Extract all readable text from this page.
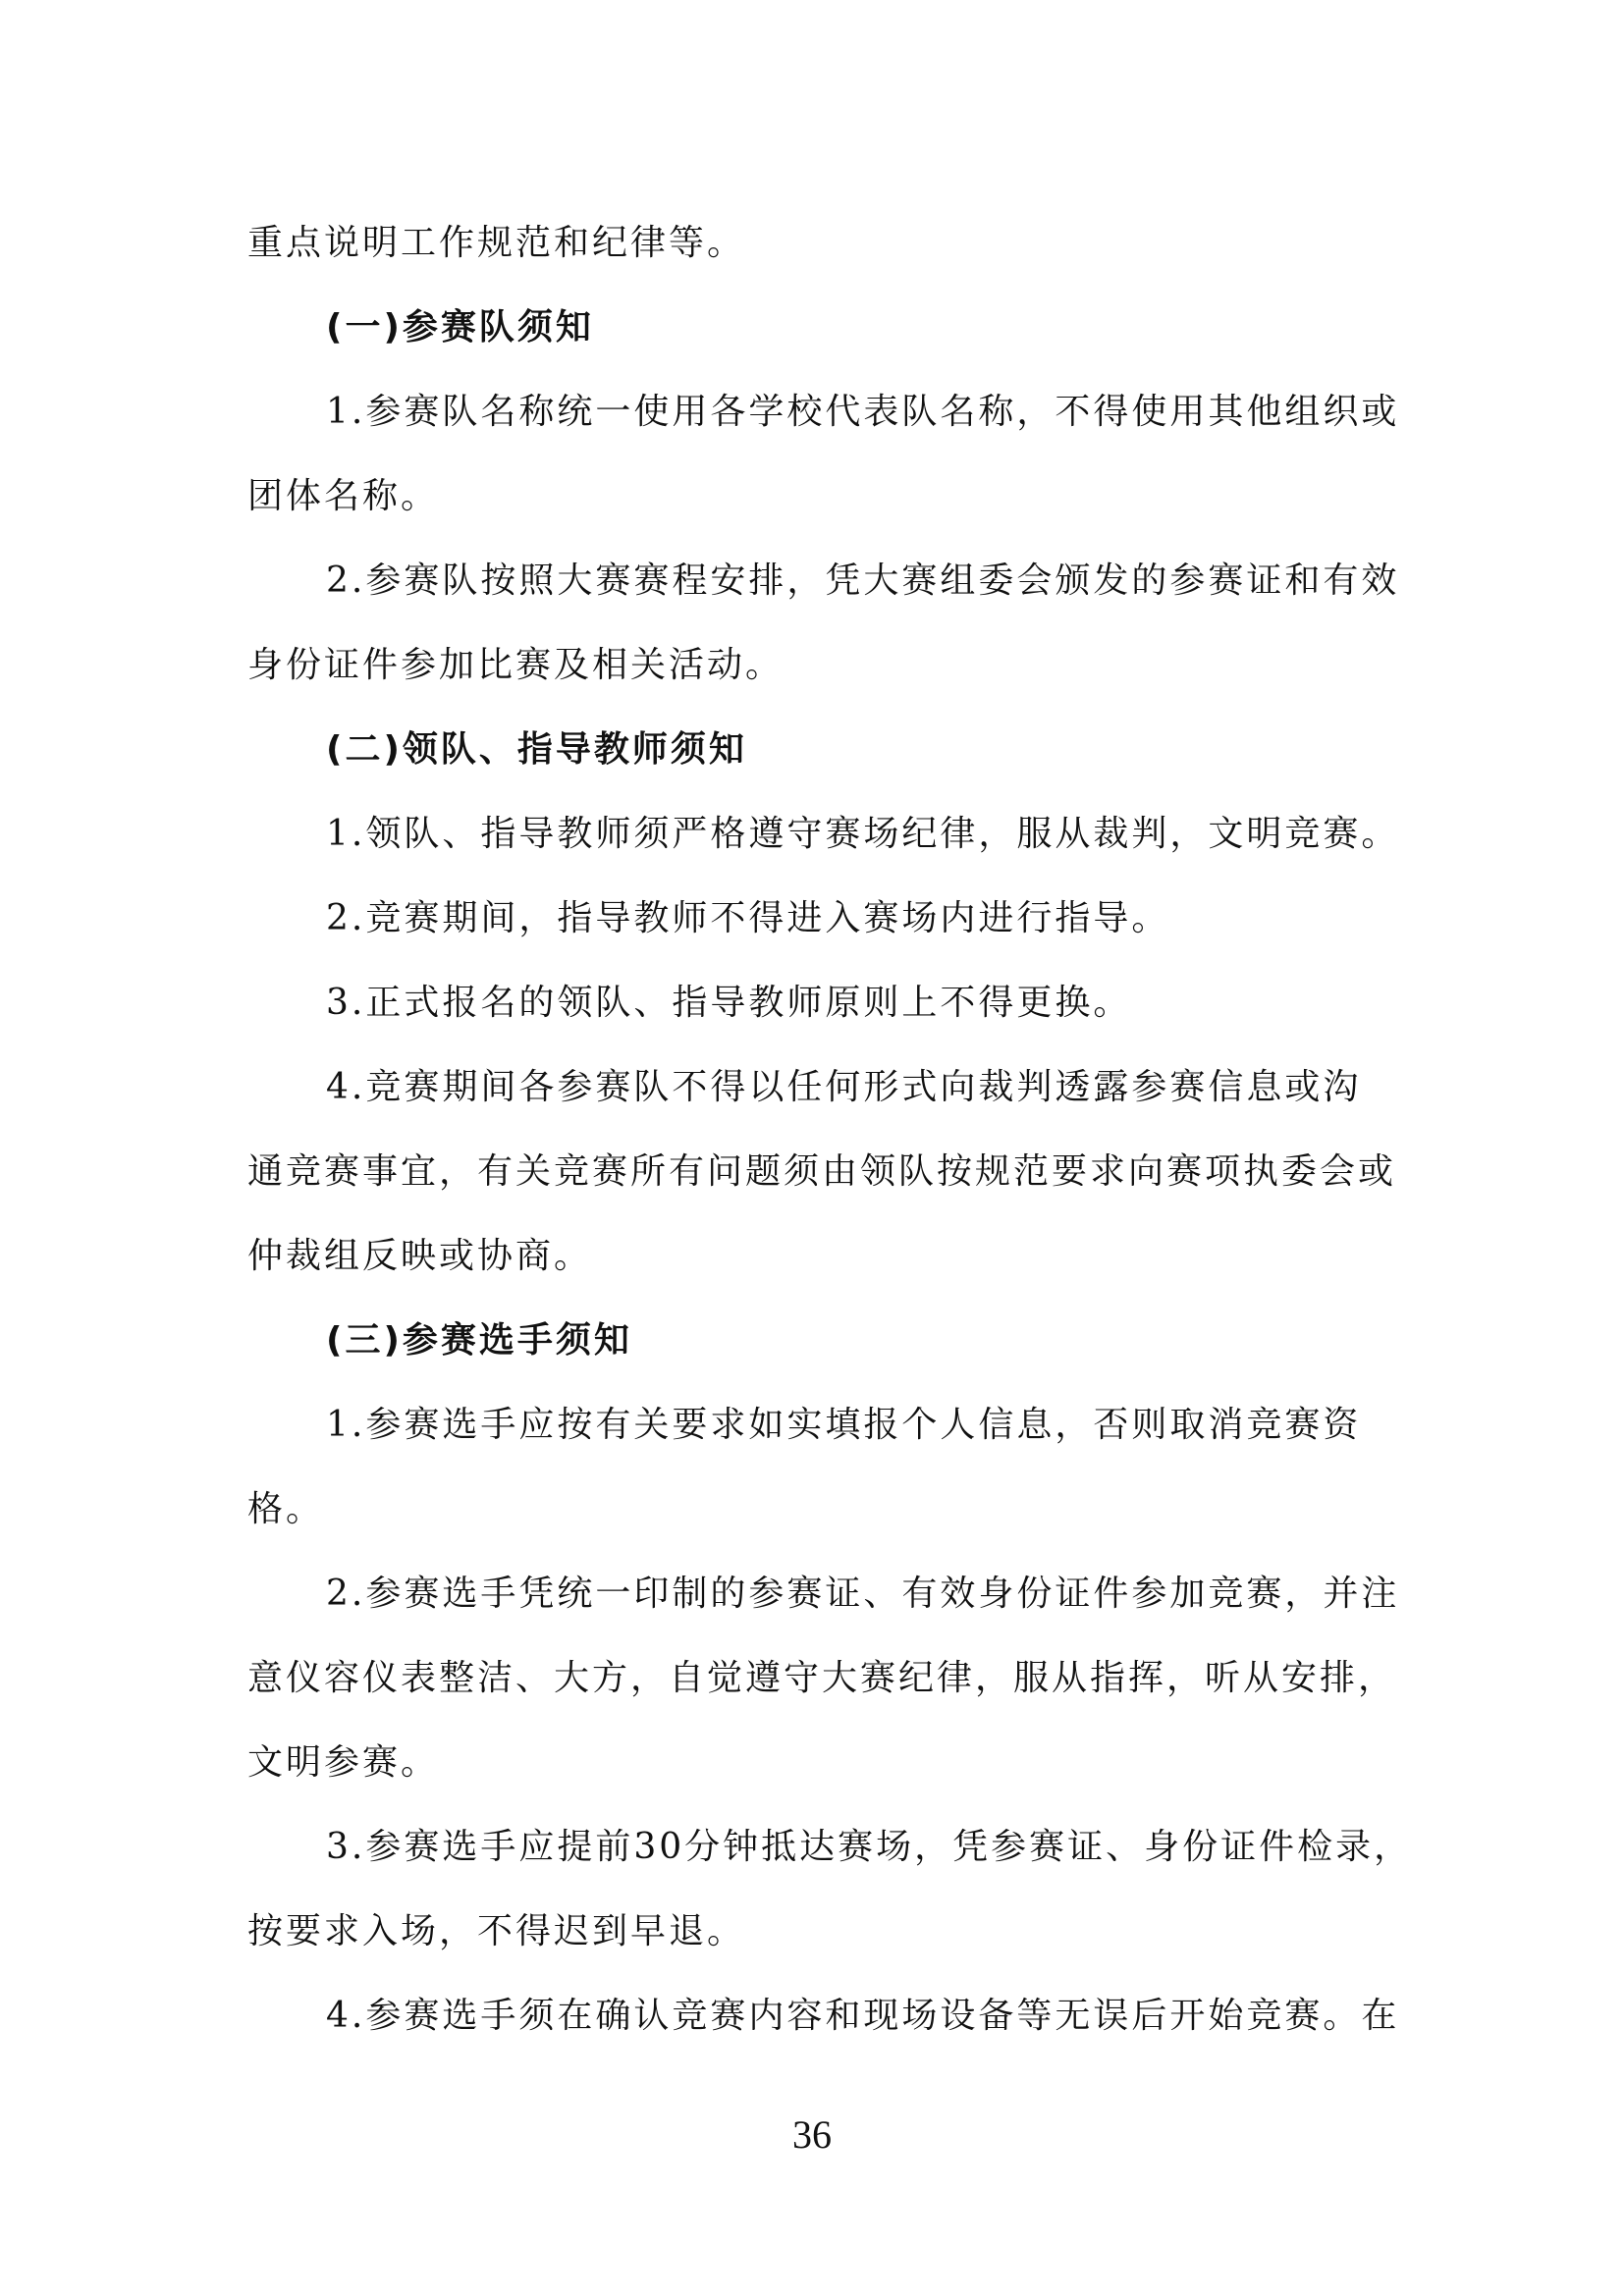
重点说明工作规范和纪律等。
(一)参赛队须知
1.参赛队名称统一使用各学校代表队名称，不得使用其他组织或
团体名称。
2.参赛队按照大赛赛程安排，凭大赛组委会颁发的参赛证和有效
身份证件参加比赛及相关活动。
(二)领队、指导教师须知
1.领队、指导教师须严格遵守赛场纪律，服从裁判，文明竞赛。
2.竞赛期间，指导教师不得进入赛场内进行指导。
3.正式报名的领队、指导教师原则上不得更换。
4.竞赛期间各参赛队不得以任何形式向裁判透露参赛信息或沟
通竞赛事宜，有关竞赛所有问题须由领队按规范要求向赛项执委会或
仲裁组反映或协商。
(三)参赛选手须知
1.参赛选手应按有关要求如实填报个人信息，否则取消竞赛资
格。
2.参赛选手凭统一印制的参赛证、有效身份证件参加竞赛，并注
意仪容仪表整洁、大方，自觉遵守大赛纪律，服从指挥，听从安排，
文明参赛。
3.参赛选手应提前30分钟抵达赛场，凭参赛证、身份证件检录，
按要求入场，不得迟到早退。
4.参赛选手须在确认竞赛内容和现场设备等无误后开始竞赛。在
36
